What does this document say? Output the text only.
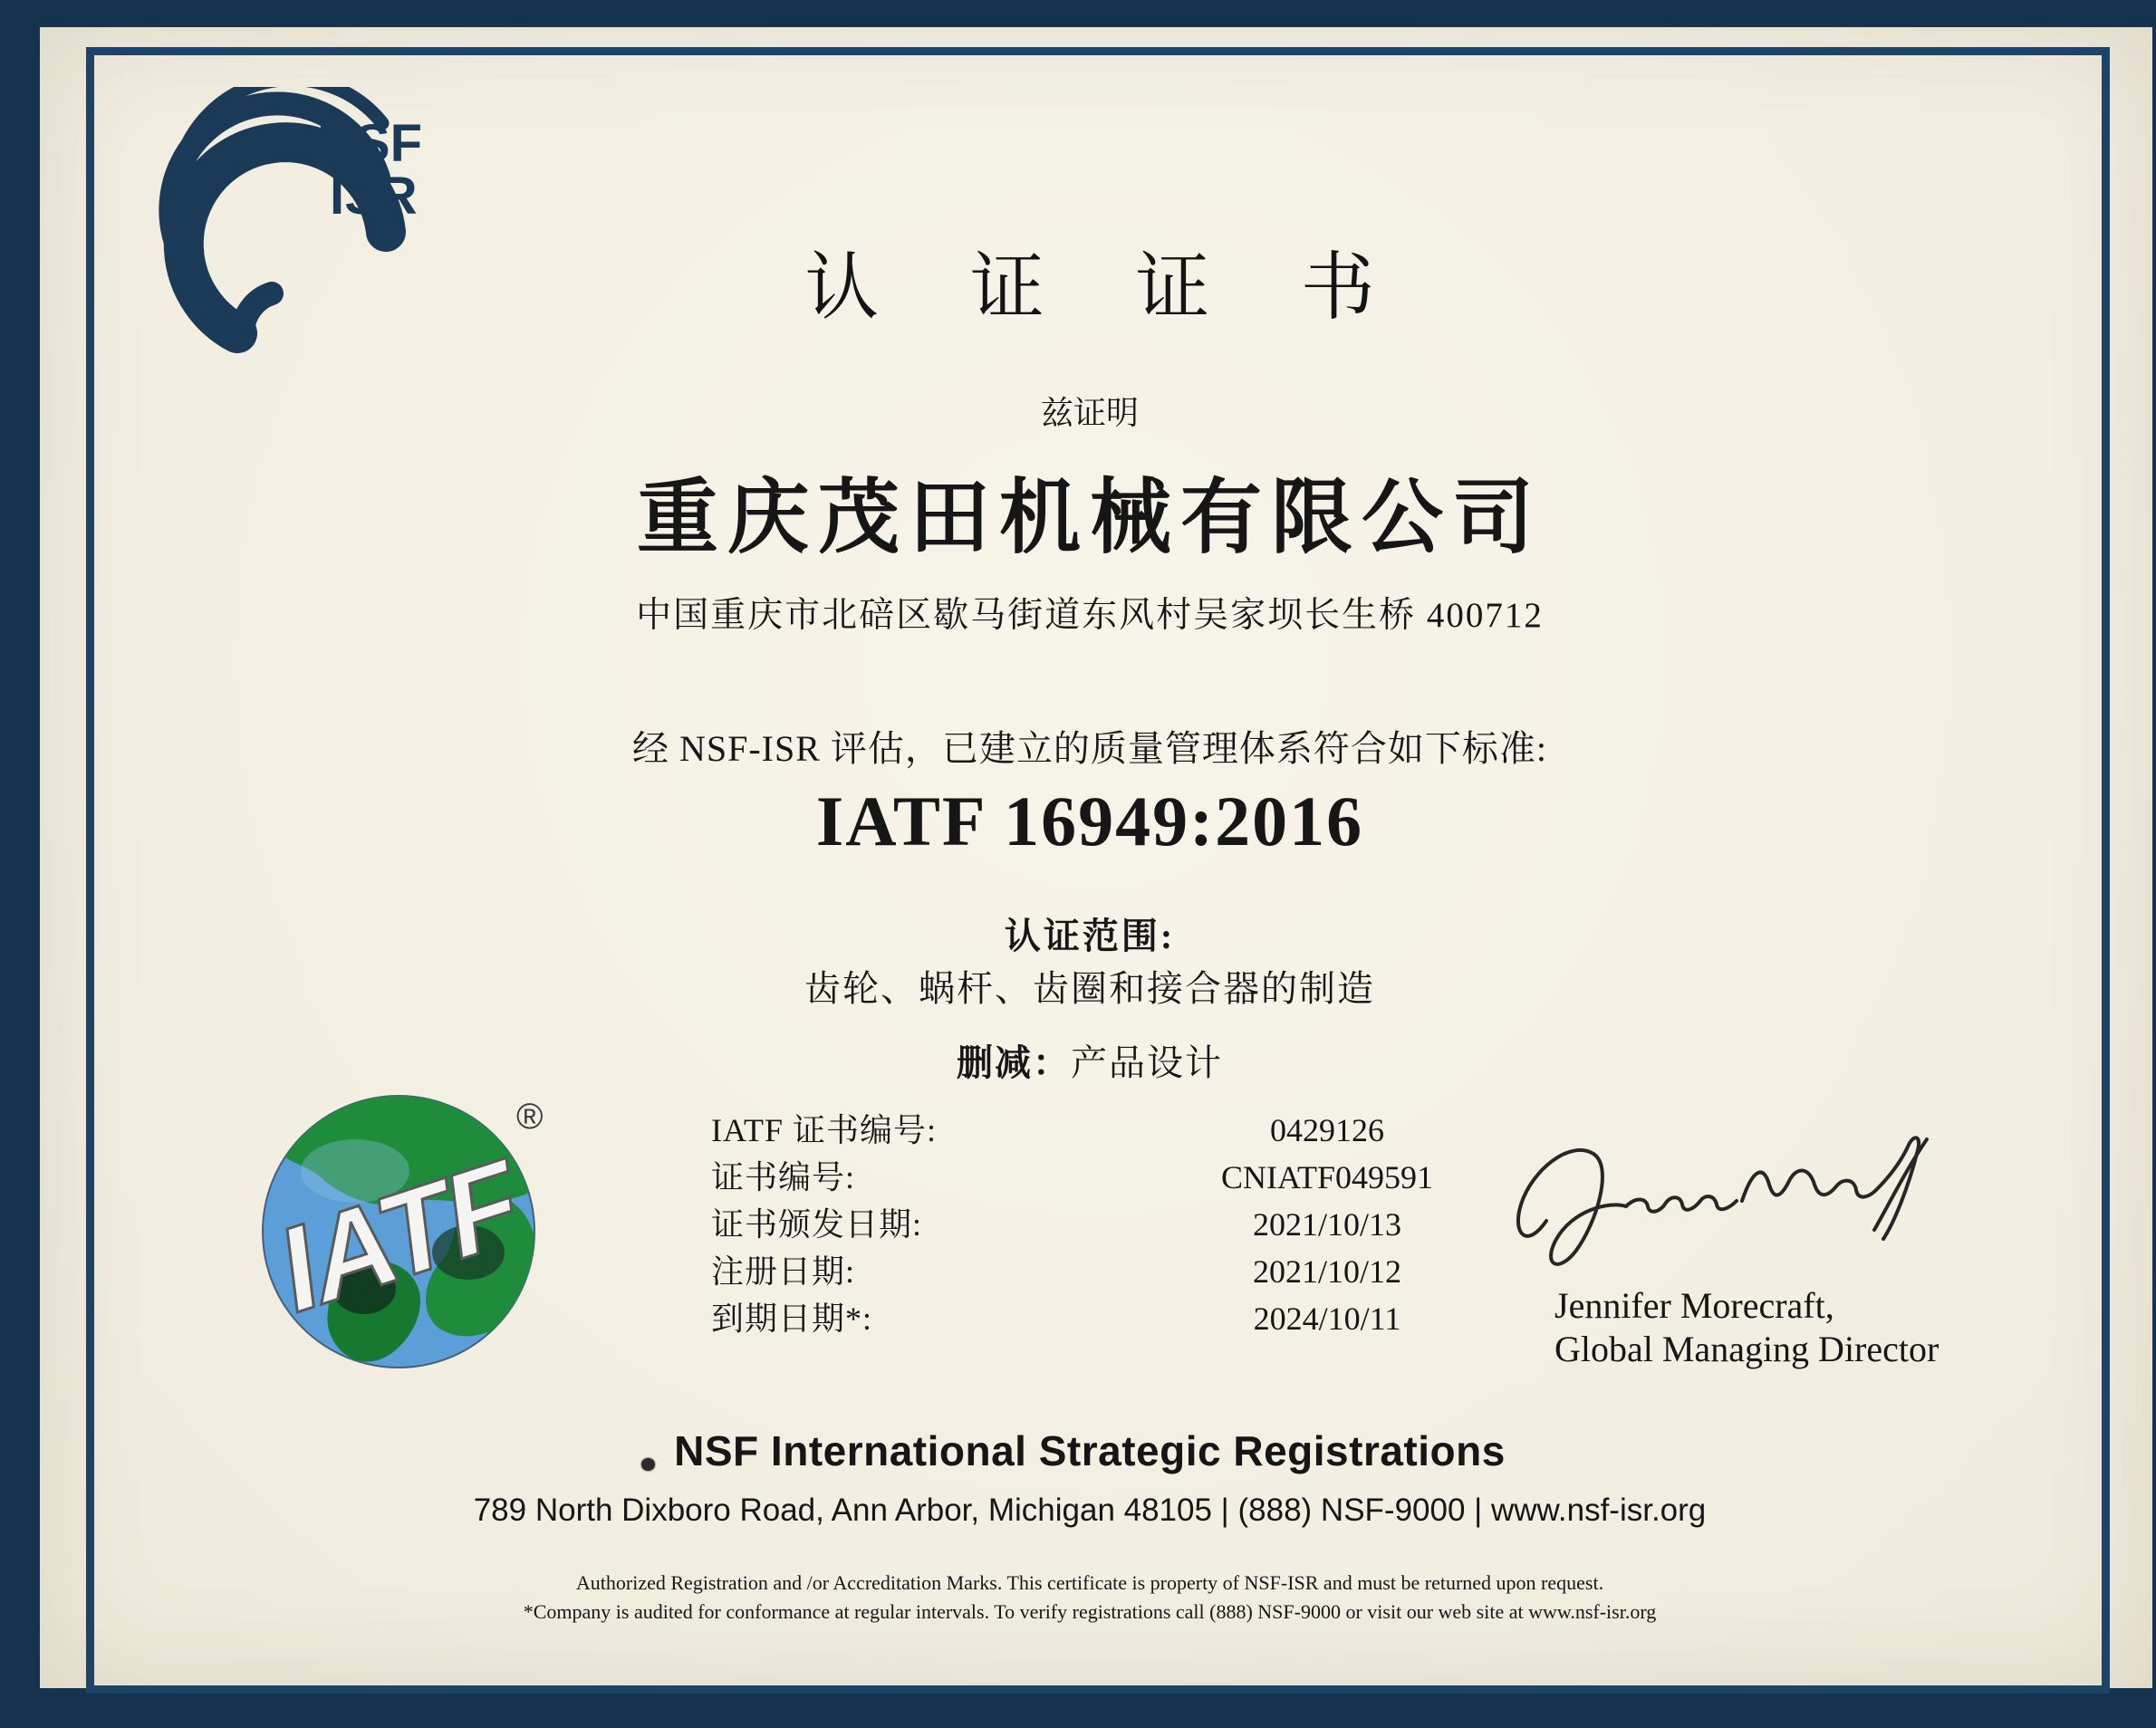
NSF
ISR
认 证 证 书
兹证明
重庆茂田机械有限公司
中国重庆市北碚区歇马街道东风村吴家坝长生桥 400712
经 NSF-ISR 评估，已建立的质量管理体系符合如下标准:
IATF 16949:2016
认证范围:
齿轮、蜗杆、齿圈和接合器的制造
删减：产品设计
IATF
®	IATF 证书编号:	0429126
证书编号:	CNIATF049591
证书颁发日期:	2021/10/13
注册日期:	2021/10/12
到期日期*:	2024/10/11	Jennifer Morecraft,
Global Managing Director
NSF International Strategic Registrations
789 North Dixboro Road, Ann Arbor, Michigan 48105 | (888) NSF-9000 | www.nsf-isr.org
Authorized Registration and /or Accreditation Marks. This certificate is property of NSF-ISR and must be returned upon request.
*Company is audited for conformance at regular intervals. To verify registrations call (888) NSF-9000 or visit our web site at www.nsf-isr.org
